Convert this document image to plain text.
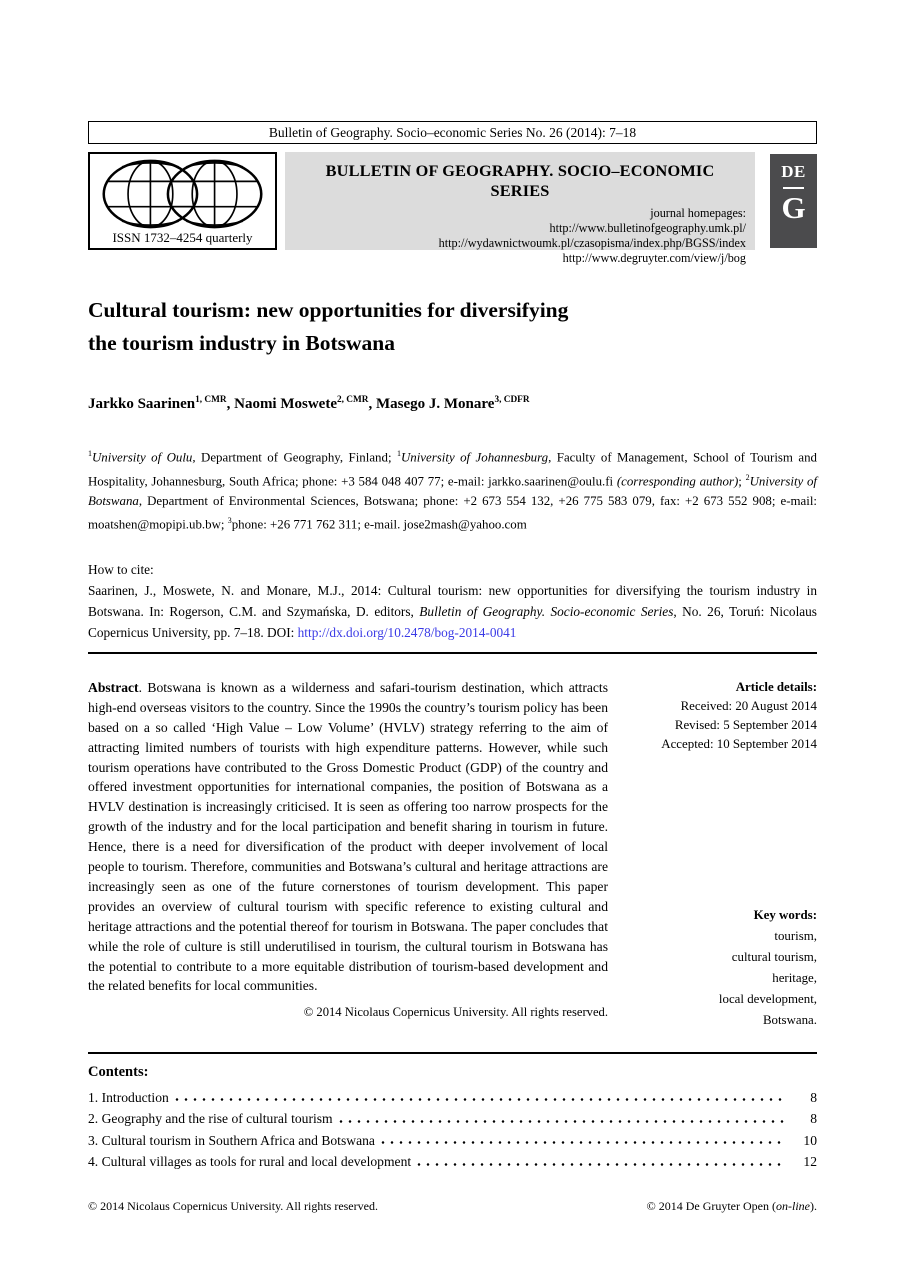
Bulletin of Geography. Socio–economic Series No. 26 (2014): 7–18
ISSN 1732–4254 quarterly
BULLETIN OF GEOGRAPHY. SOCIO–ECONOMIC SERIES
journal homepages:
http://www.bulletinofgeography.umk.pl/
http://wydawnictwoumk.pl/czasopisma/index.php/BGSS/index
http://www.degruyter.com/view/j/bog
DE
G
Cultural tourism: new opportunities for diversifying
the tourism industry in Botswana
Jarkko Saarinen$^{1, CMR}$, Naomi Moswete$^{2, CMR}$, Masego J. Monare$^{3, CDFR}$
$^1$University of Oulu, Department of Geography, Finland; $^1$University of Johannesburg, Faculty of Management, School of Tourism and Hospitality, Johannesburg, South Africa; phone: +3 584 048 407 77; e-mail: jarkko.saarinen@oulu.fi (corresponding author); $^2$University of Botswana, Department of Environmental Sciences, Botswana; phone: +2 673 554 132, +26 775 583 079, fax: +2 673 552 908; e-mail: moatshen@mopipi.ub.bw; $^3$phone: +26 771 762 311; e-mail. jose2mash@yahoo.com
How to cite:
Saarinen, J., Moswete, N. and Monare, M.J., 2014: Cultural tourism: new opportunities for diversifying the tourism industry in Botswana. In: Rogerson, C.M. and Szymańska, D. editors, Bulletin of Geography. Socio-economic Series, No. 26, Toruń: Nicolaus Copernicus University, pp. 7–18. DOI: http://dx.doi.org/10.2478/bog-2014-0041
Abstract. Botswana is known as a wilderness and safari-tourism destination, which attracts high-end overseas visitors to the country. Since the 1990s the country’s tourism policy has been based on a so called ‘High Value – Low Volume’ (HVLV) strategy referring to the aim of attracting limited numbers of tourists with high expenditure patterns. However, while such tourism operations have contributed to the Gross Domestic Product (GDP) of the country and offered investment opportunities for international companies, the position of Botswana as a HVLV destination is increasingly criticised. It is seen as offering too narrow prospects for the growth of the industry and for the local participation and benefit sharing in tourism in future. Hence, there is a need for diversification of the product with deeper involvement of local people to tourism. Therefore, communities and Botswana’s cultural and heritage attractions are increasingly seen as one of the future cornerstones of tourism development. This paper provides an overview of cultural tourism with specific reference to existing cultural and heritage attractions and the potential thereof for tourism in Botswana. The paper concludes that while the role of culture is still underutilised in tourism, the cultural tourism in Botswana has the potential to contribute to a more equitable distribution of tourism-based development and the related benefits for local communities.
© 2014 Nicolaus Copernicus University. All rights reserved.
Article details:
Received: 20 August 2014
Revised: 5 September 2014
Accepted: 10 September 2014
Key words:
tourism,
cultural tourism,
heritage,
local development,
Botswana.
Contents:
1. Introduction	8
2. Geography and the rise of cultural tourism	8
3. Cultural tourism in Southern Africa and Botswana	10
4. Cultural villages as tools for rural and local development	12
© 2014 Nicolaus Copernicus University. All rights reserved.	© 2014 De Gruyter Open (on-line).
